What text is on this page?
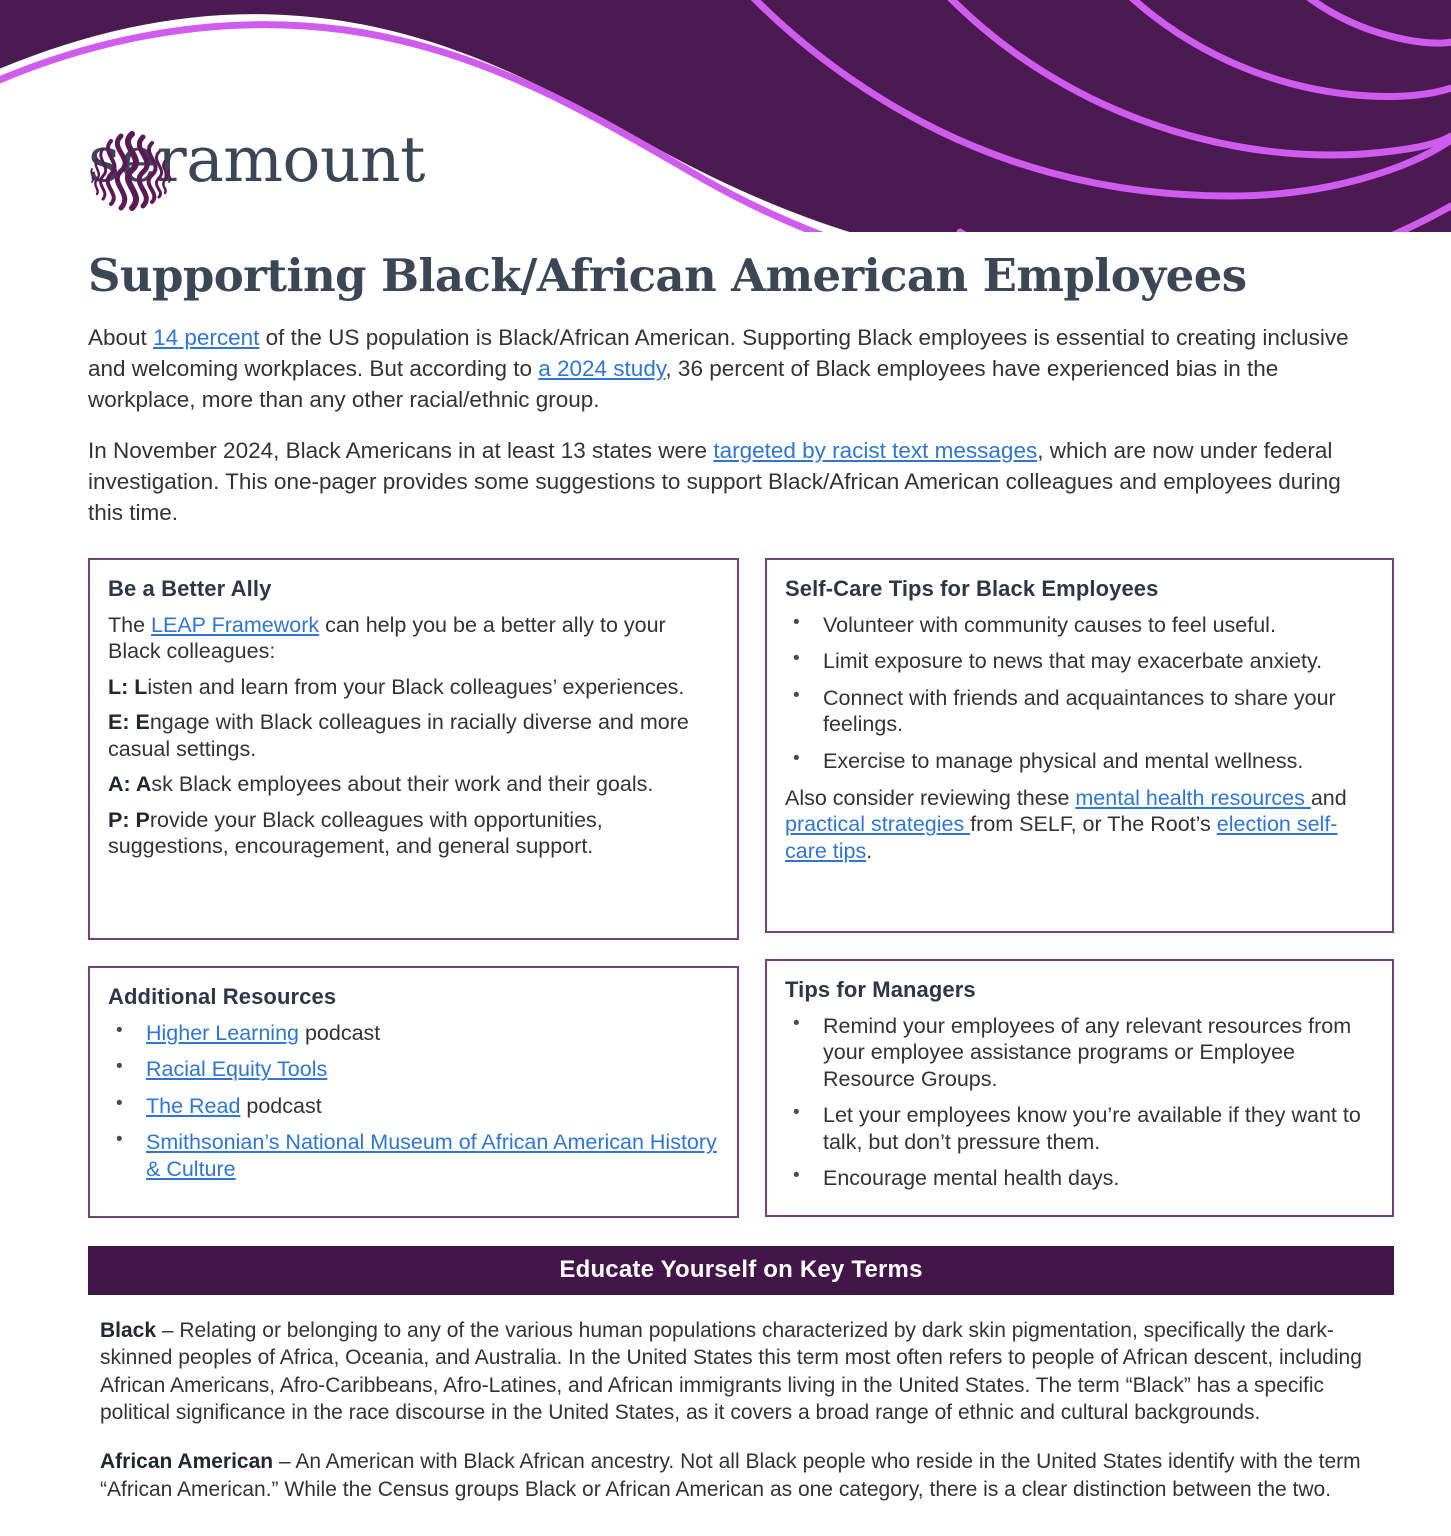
seramount
Supporting Black/African American Employees

About 14 percent of the US population is Black/African American. Supporting Black employees is essential to creating inclusive and welcoming workplaces. But according to a 2024 study, 36 percent of Black employees have experienced bias in the workplace, more than any other racial/ethnic group.

In November 2024, Black Americans in at least 13 states were targeted by racist text messages, which are now under federal investigation. This one-pager provides some suggestions to support Black/African American colleagues and employees during this time.

Be a Better Ally

The LEAP Framework can help you be a better ally to your Black colleagues:

L: Listen and learn from your Black colleagues’ experiences.

E: Engage with Black colleagues in racially diverse and more casual settings.

A: Ask Black employees about their work and their goals.

P: Provide your Black colleagues with opportunities, suggestions, encouragement, and general support.

Additional Resources
• Higher Learning podcast
• Racial Equity Tools
• The Read podcast
• Smithsonian’s National Museum of African American History & Culture
Self-Care Tips for Black Employees
• Volunteer with community causes to feel useful.
• Limit exposure to news that may exacerbate anxiety.
• Connect with friends and acquaintances to share your feelings.
• Exercise to manage physical and mental wellness.
Also consider reviewing these mental health resources and practical strategies from SELF, or The Root’s election self-care tips.
Tips for Managers
• Remind your employees of any relevant resources from your employee assistance programs or Employee Resource Groups.
• Let your employees know you’re available if they want to talk, but don’t pressure them.
• Encourage mental health days.
Educate Yourself on Key Terms

Black – Relating or belonging to any of the various human populations characterized by dark skin pigmentation, specifically the dark-skinned peoples of Africa, Oceania, and Australia. In the United States this term most often refers to people of African descent, including African Americans, Afro-Caribbeans, Afro-Latines, and African immigrants living in the United States. The term “Black” has a specific political significance in the race discourse in the United States, as it covers a broad range of ethnic and cultural backgrounds.

African American – An American with Black African ancestry. Not all Black people who reside in the United States identify with the term “African American.” While the Census groups Black or African American as one category, there is a clear distinction between the two.
